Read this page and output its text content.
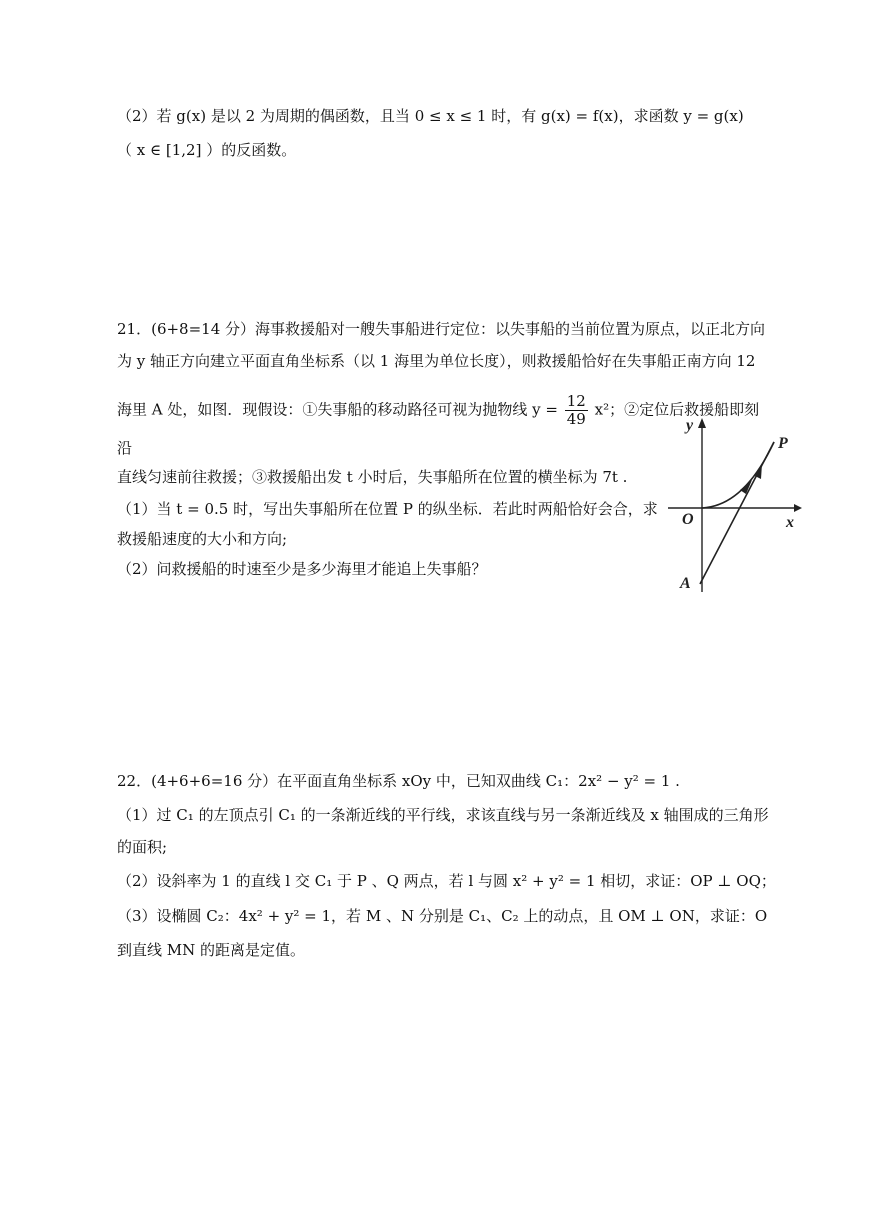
（2）若 g(x) 是以 2 为周期的偶函数，且当 0 ≤ x ≤ 1 时，有 g(x) = f(x)，求函数 y = g(x)
（ x ∈ [1,2] ）的反函数。
21．(6+8=14 分）海事救援船对一艘失事船进行定位：以失事船的当前位置为原点，以正北方向
为 y 轴正方向建立平面直角坐标系（以 1 海里为单位长度），则救援船恰好在失事船正南方向 12
海里 A 处，如图．现假设：①失事船的移动路径可视为抛物线 $y = \frac{12}{49} x^2$；②定位后救援船即刻
沿
直线匀速前往救援；③救援船出发 t 小时后，失事船所在位置的横坐标为 7t .
（1）当 t = 0.5 时，写出失事船所在位置 P 的纵坐标．若此时两船恰好会合，求
救援船速度的大小和方向;
（2）问救援船的时速至少是多少海里才能追上失事船？
y
x
O
P
A
22．(4+6+6=16 分）在平面直角坐标系 xOy 中，已知双曲线 C₁：2x² − y² = 1 .
（1）过 C₁ 的左顶点引 C₁ 的一条渐近线的平行线，求该直线与另一条渐近线及 x 轴围成的三角形
的面积;
（2）设斜率为 1 的直线 l 交 C₁ 于 P 、Q 两点，若 l 与圆 x² + y² = 1 相切，求证：OP ⊥ OQ；
（3）设椭圆 C₂：4x² + y² = 1，若 M 、N 分别是 C₁、C₂ 上的动点，且 OM ⊥ ON，求证：O
到直线 MN 的距离是定值。
